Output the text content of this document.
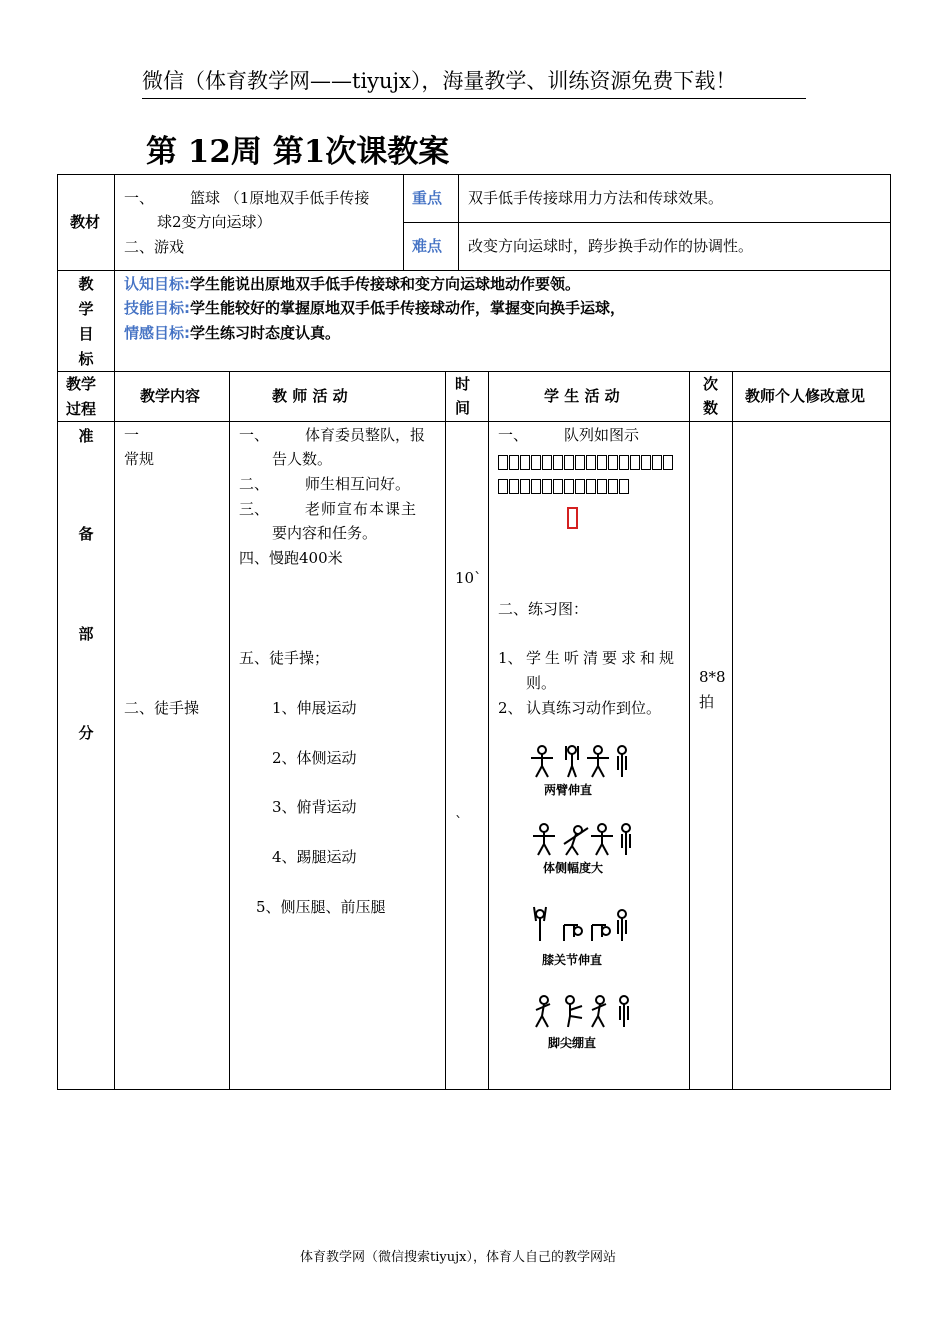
微信（体育教学网——tiyujx），海量教学、训练资源免费下载！
第 12周 第1次课教案
教材
一、 篮球 （1原地双手低手传接
球2变方向运球）
二、游戏
重点 双手低手传接球用力方法和传球效果。
难点 改变方向运球时，跨步换手动作的协调性。
教
学
目
标
认知目标:学生能说出原地双手低手传接球和变方向运球地动作要领。
技能目标:学生能较好的掌握原地双手低手传接球动作，掌握变向换手运球，
情感目标:学生练习时态度认真。
教学过程
教学内容	教 师 活 动
时
间
学 生 活 动
次
数
教师个人修改意见
准
备
部
分
一
常规
二、徒手操
一、 体育委员整队，报
告人数。
二、 师生相互问好。
三、 老师宣布本课主
要内容和任务。
四、慢跑400米
五、徒手操；
1、伸展运动
2、体侧运动
3、俯背运动
4、踢腿运动
5、侧压腿、前压腿
10`
`
一、 队列如图示

二、练习图：
1、 学生听清要求和规
则。
2、 认真练习动作到位。
两臂伸直
体侧幅度大
膝关节伸直
脚尖绷直
8*8
拍
体育教学网（微信搜索tiyujx），体育人自己的教学网站
